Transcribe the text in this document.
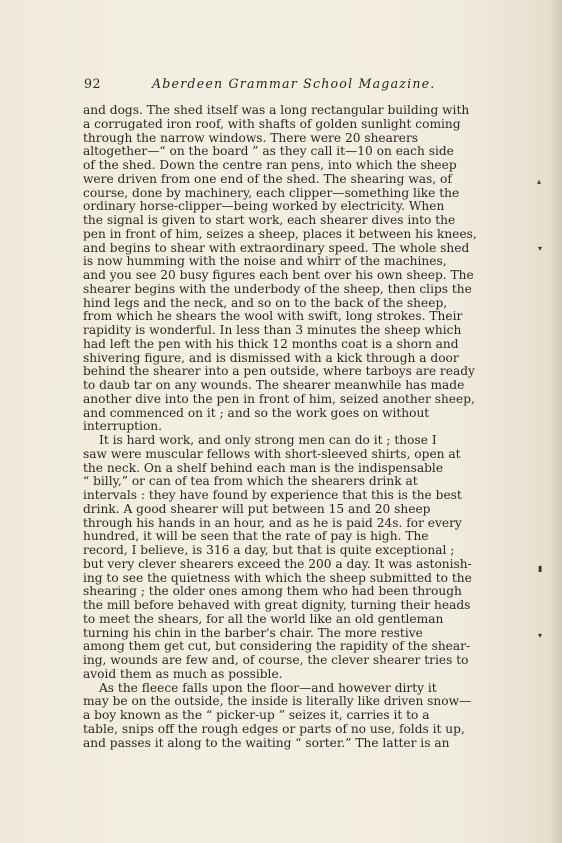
92	Aberdeen Grammar School Magazine.
and dogs. The shed itself was a long rectangular building with
a corrugated iron roof, with shafts of golden sunlight coming
through the narrow windows. There were 20 shearers
altogether—“ on the board ” as they call it—10 on each side
of the shed. Down the centre ran pens, into which the sheep
were driven from one end of the shed. The shearing was, of
course, done by machinery, each clipper—something like the
ordinary horse-clipper—being worked by electricity. When
the signal is given to start work, each shearer dives into the
pen in front of him, seizes a sheep, places it between his knees,
and begins to shear with extraordinary speed. The whole shed
is now humming with the noise and whirr of the machines,
and you see 20 busy figures each bent over his own sheep. The
shearer begins with the underbody of the sheep, then clips the
hind legs and the neck, and so on to the back of the sheep,
from which he shears the wool with swift, long strokes. Their
rapidity is wonderful. In less than 3 minutes the sheep which
had left the pen with his thick 12 months coat is a shorn and
shivering figure, and is dismissed with a kick through a door
behind the shearer into a pen outside, where tarboys are ready
to daub tar on any wounds. The shearer meanwhile has made
another dive into the pen in front of him, seized another sheep,
and commenced on it ; and so the work goes on without
interruption.
It is hard work, and only strong men can do it ; those I
saw were muscular fellows with short-sleeved shirts, open at
the neck. On a shelf behind each man is the indispensable
“ billy,” or can of tea from which the shearers drink at
intervals : they have found by experience that this is the best
drink. A good shearer will put between 15 and 20 sheep
through his hands in an hour, and as he is paid 24s. for every
hundred, it will be seen that the rate of pay is high. The
record, I believe, is 316 a day, but that is quite exceptional ;
but very clever shearers exceed the 200 a day. It was astonish-
ing to see the quietness with which the sheep submitted to the
shearing ; the older ones among them who had been through
the mill before behaved with great dignity, turning their heads
to meet the shears, for all the world like an old gentleman
turning his chin in the barber's chair. The more restive
among them get cut, but considering the rapidity of the shear-
ing, wounds are few and, of course, the clever shearer tries to
avoid them as much as possible.
As the fleece falls upon the floor—and however dirty it
may be on the outside, the inside is literally like driven snow—
a boy known as the “ picker-up ” seizes it, carries it to a
table, snips off the rough edges or parts of no use, folds it up,
and passes it along to the waiting “ sorter.” The latter is an
▴
▾
▮
▾
